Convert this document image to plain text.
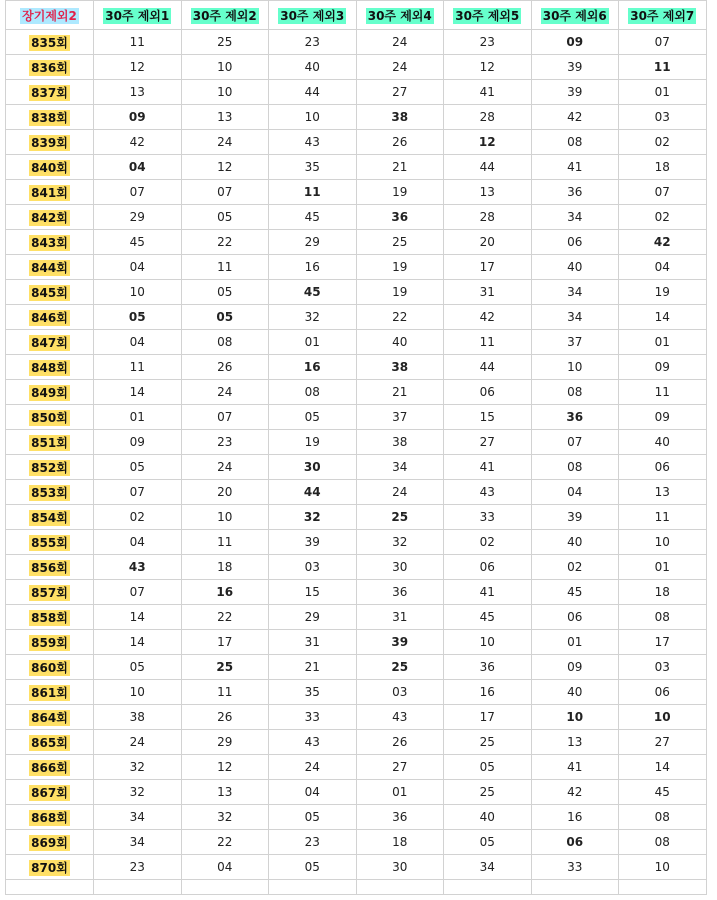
장기제외2	30주 제외1	30주 제외2	30주 제외3	30주 제외4	30주 제외5	30주 제외6	30주 제외7
835회	11	25	23	24	23	09	07
836회	12	10	40	24	12	39	11
837회	13	10	44	27	41	39	01
838회	09	13	10	38	28	42	03
839회	42	24	43	26	12	08	02
840회	04	12	35	21	44	41	18
841회	07	07	11	19	13	36	07
842회	29	05	45	36	28	34	02
843회	45	22	29	25	20	06	42
844회	04	11	16	19	17	40	04
845회	10	05	45	19	31	34	19
846회	05	05	32	22	42	34	14
847회	04	08	01	40	11	37	01
848회	11	26	16	38	44	10	09
849회	14	24	08	21	06	08	11
850회	01	07	05	37	15	36	09
851회	09	23	19	38	27	07	40
852회	05	24	30	34	41	08	06
853회	07	20	44	24	43	04	13
854회	02	10	32	25	33	39	11
855회	04	11	39	32	02	40	10
856회	43	18	03	30	06	02	01
857회	07	16	15	36	41	45	18
858회	14	22	29	31	45	06	08
859회	14	17	31	39	10	01	17
860회	05	25	21	25	36	09	03
861회	10	11	35	03	16	40	06
864회	38	26	33	43	17	10	10
865회	24	29	43	26	25	13	27
866회	32	12	24	27	05	41	14
867회	32	13	04	01	25	42	45
868회	34	32	05	36	40	16	08
869회	34	22	23	18	05	06	08
870회	23	04	05	30	34	33	10
